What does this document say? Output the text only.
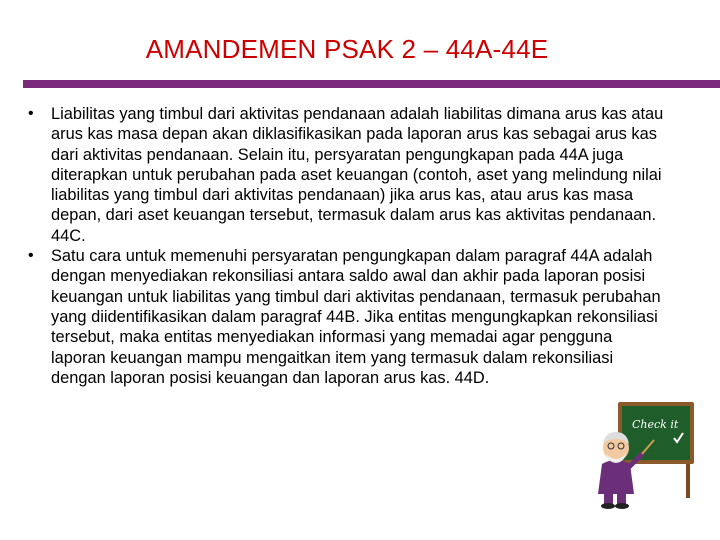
AMANDEMEN PSAK 2 – 44A-44E
• Liabilitas yang timbul dari aktivitas pendanaan adalah liabilitas dimana arus kas atau arus kas masa depan akan diklasifikasikan pada laporan arus kas sebagai arus kas dari aktivitas pendanaan. Selain itu, persyaratan pengungkapan pada 44A juga diterapkan untuk perubahan pada aset keuangan (contoh, aset yang melindung nilai liabilitas yang timbul dari aktivitas pendanaan) jika arus kas, atau arus kas masa depan, dari aset keuangan tersebut, termasuk dalam arus kas aktivitas pendanaan. 44C.
• Satu cara untuk memenuhi persyaratan pengungkapan dalam paragraf 44A adalah dengan menyediakan rekonsiliasi antara saldo awal dan akhir pada laporan posisi keuangan untuk liabilitas yang timbul dari aktivitas pendanaan, termasuk perubahan yang diidentifikasikan dalam paragraf 44B. Jika entitas mengungkapkan rekonsiliasi tersebut, maka entitas menyediakan informasi yang memadai agar pengguna laporan keuangan mampu mengaitkan item yang termasuk dalam rekonsiliasi dengan laporan posisi keuangan dan laporan arus kas. 44D.
Check it
